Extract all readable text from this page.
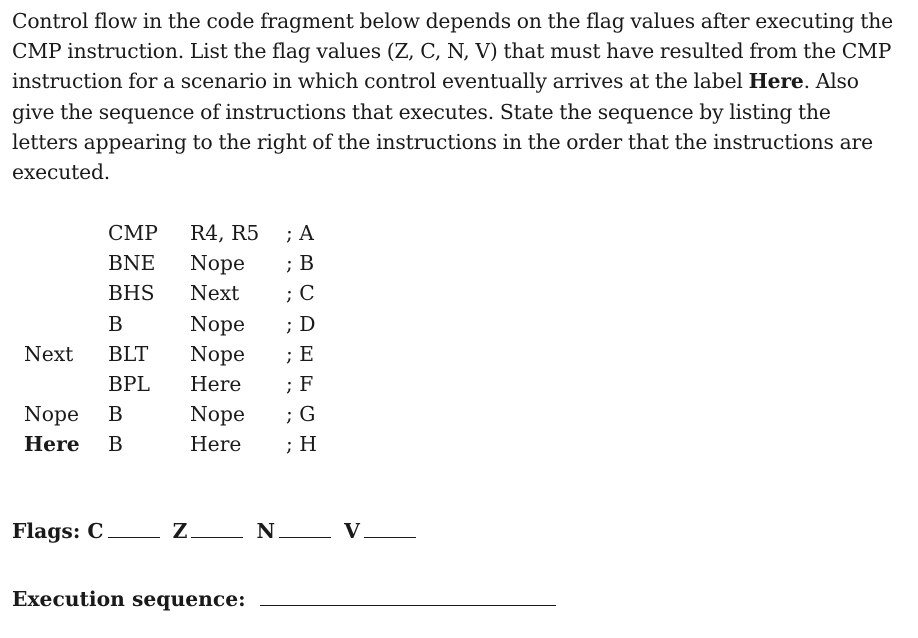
Control flow in the code fragment below depends on the flag values after executing the CMP instruction. List the flag values (Z, C, N, V) that must have resulted from the CMP instruction for a scenario in which control eventually arrives at the label Here. Also give the sequence of instructions that executes. State the sequence by listing the letters appearing to the right of the instructions in the order that the instructions are executed.

	CMP	R4, R5	; A
	BNE	Nope	; B
	BHS	Next	; C
	B	Nope	; D
Next	BLT	Nope	; E
	BPL	Here	; F
Nope	B	Nope	; G
Here	B	Here	; H
Flags: C	Z	N	V
Execution sequence:
